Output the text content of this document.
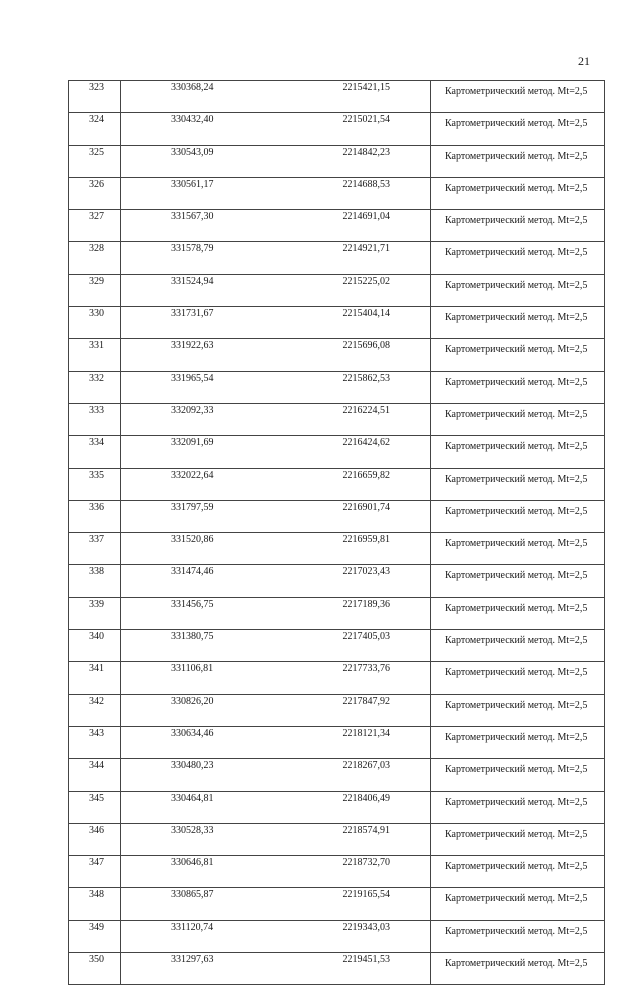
21
323	330368,24	2215421,15	Картометрический метод. Mt=2,5
324	330432,40	2215021,54	Картометрический метод. Mt=2,5
325	330543,09	2214842,23	Картометрический метод. Mt=2,5
326	330561,17	2214688,53	Картометрический метод. Mt=2,5
327	331567,30	2214691,04	Картометрический метод. Mt=2,5
328	331578,79	2214921,71	Картометрический метод. Mt=2,5
329	331524,94	2215225,02	Картометрический метод. Mt=2,5
330	331731,67	2215404,14	Картометрический метод. Mt=2,5
331	331922,63	2215696,08	Картометрический метод. Mt=2,5
332	331965,54	2215862,53	Картометрический метод. Mt=2,5
333	332092,33	2216224,51	Картометрический метод. Mt=2,5
334	332091,69	2216424,62	Картометрический метод. Mt=2,5
335	332022,64	2216659,82	Картометрический метод. Mt=2,5
336	331797,59	2216901,74	Картометрический метод. Mt=2,5
337	331520,86	2216959,81	Картометрический метод. Mt=2,5
338	331474,46	2217023,43	Картометрический метод. Mt=2,5
339	331456,75	2217189,36	Картометрический метод. Mt=2,5
340	331380,75	2217405,03	Картометрический метод. Mt=2,5
341	331106,81	2217733,76	Картометрический метод. Mt=2,5
342	330826,20	2217847,92	Картометрический метод. Mt=2,5
343	330634,46	2218121,34	Картометрический метод. Mt=2,5
344	330480,23	2218267,03	Картометрический метод. Mt=2,5
345	330464,81	2218406,49	Картометрический метод. Mt=2,5
346	330528,33	2218574,91	Картометрический метод. Mt=2,5
347	330646,81	2218732,70	Картометрический метод. Mt=2,5
348	330865,87	2219165,54	Картометрический метод. Mt=2,5
349	331120,74	2219343,03	Картометрический метод. Mt=2,5
350	331297,63	2219451,53	Картометрический метод. Mt=2,5
